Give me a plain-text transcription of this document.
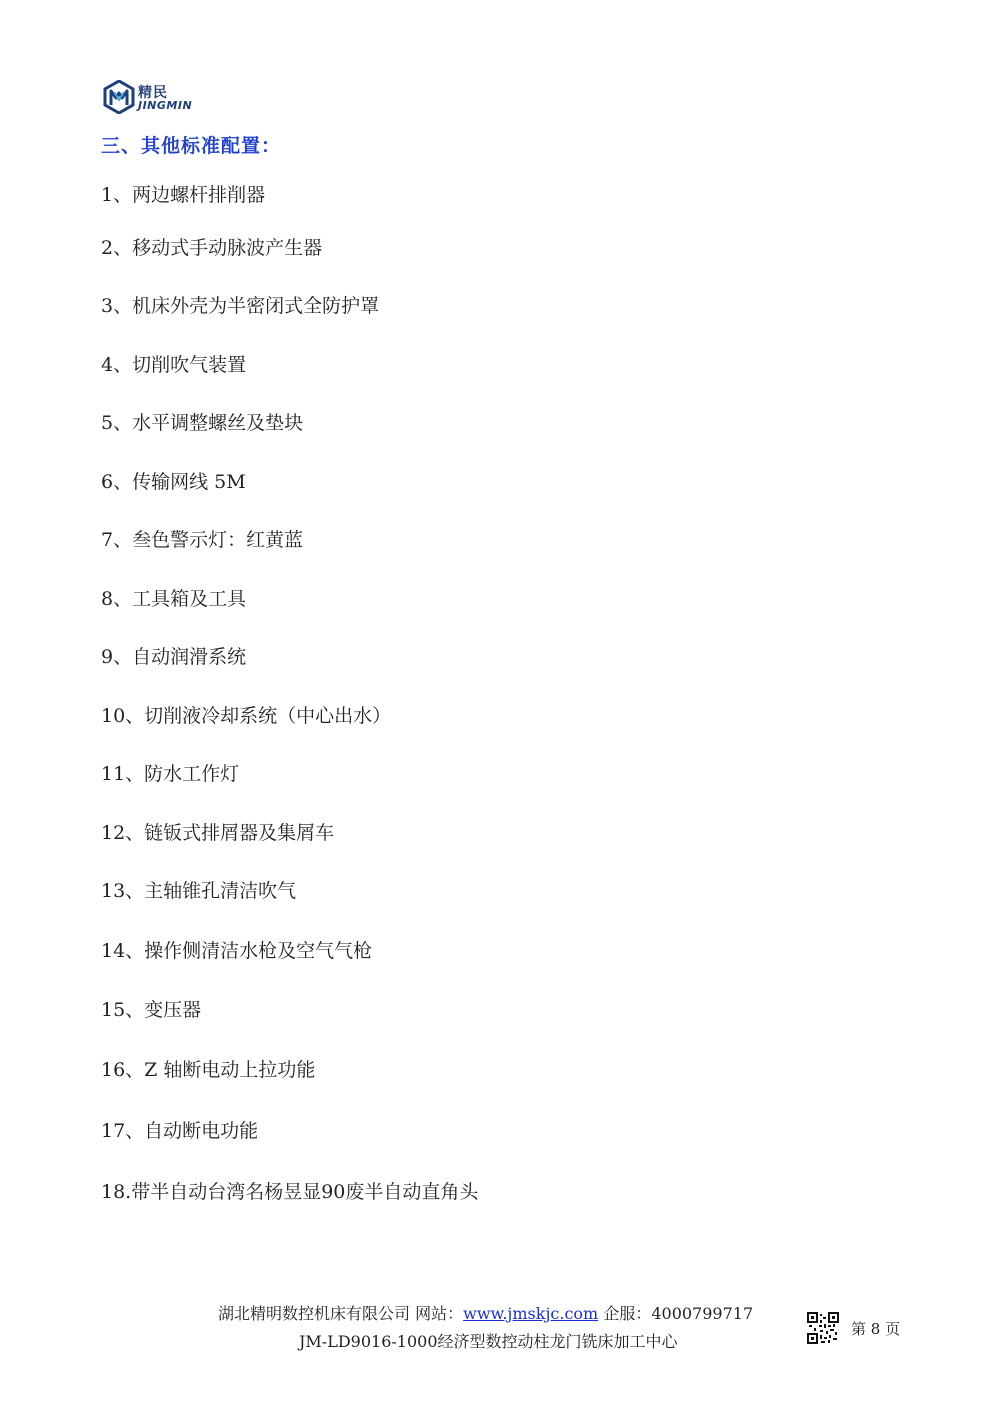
精民
JINGMIN
三、其他标准配置：
1、两边螺杆排削器
2、移动式手动脉波产生器
3、机床外壳为半密闭式全防护罩
4、切削吹气装置
5、水平调整螺丝及垫块
6、传输网线 5M
7、叁色警示灯：红黄蓝
8、工具箱及工具
9、自动润滑系统
10、切削液冷却系统（中心出水）
11、防水工作灯
12、链钣式排屑器及集屑车
13、主轴锥孔清洁吹气
14、操作侧清洁水枪及空气气枪
15、变压器
16、Z 轴断电动上拉功能
17、自动断电功能
18.带半自动台湾名杨昱显90废半自动直角头
湖北精明数控机床有限公司 网站：www.jmskjc.com 企服：4000799717
JM-LD9016-1000经济型数控动柱龙门铣床加工中心
第 8 页
